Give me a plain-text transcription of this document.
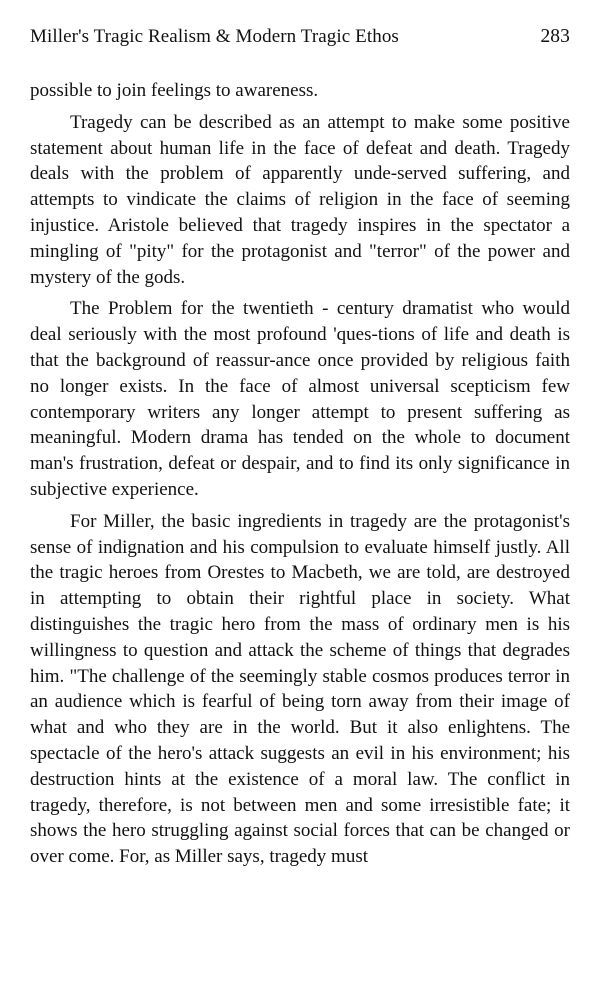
Miller's Tragic Realism & Modern Tragic Ethos	283

possible to join feelings to awareness.

Tragedy can be described as an attempt to make some positive statement about human life in the face of defeat and death. Tragedy deals with the problem of apparently unde-served suffering, and attempts to vindicate the claims of religion in the face of seeming injustice. Aristole believed that tragedy inspires in the spectator a mingling of "pity" for the protagonist and "terror" of the power and mystery of the gods.

The Problem for the twentieth - century dramatist who would deal seriously with the most profound 'ques-tions of life and death is that the background of reassur-ance once provided by religious faith no longer exists. In the face of almost universal scepticism few contemporary writers any longer attempt to present suffering as meaningful. Modern drama has tended on the whole to document man's frustration, defeat or despair, and to find its only significance in subjective experience.

For Miller, the basic ingredients in tragedy are the protagonist's sense of indignation and his compulsion to evaluate himself justly. All the tragic heroes from Orestes to Macbeth, we are told, are destroyed in attempting to obtain their rightful place in society. What distinguishes the tragic hero from the mass of ordinary men is his willingness to question and attack the scheme of things that degrades him. "The challenge of the seemingly stable cosmos produces terror in an audience which is fearful of being torn away from their image of what and who they are in the world. But it also enlightens. The spectacle of the hero's attack suggests an evil in his environment; his destruction hints at the existence of a moral law. The conflict in tragedy, therefore, is not between men and some irresistible fate; it shows the hero struggling against social forces that can be changed or over come. For, as Miller says, tragedy must
